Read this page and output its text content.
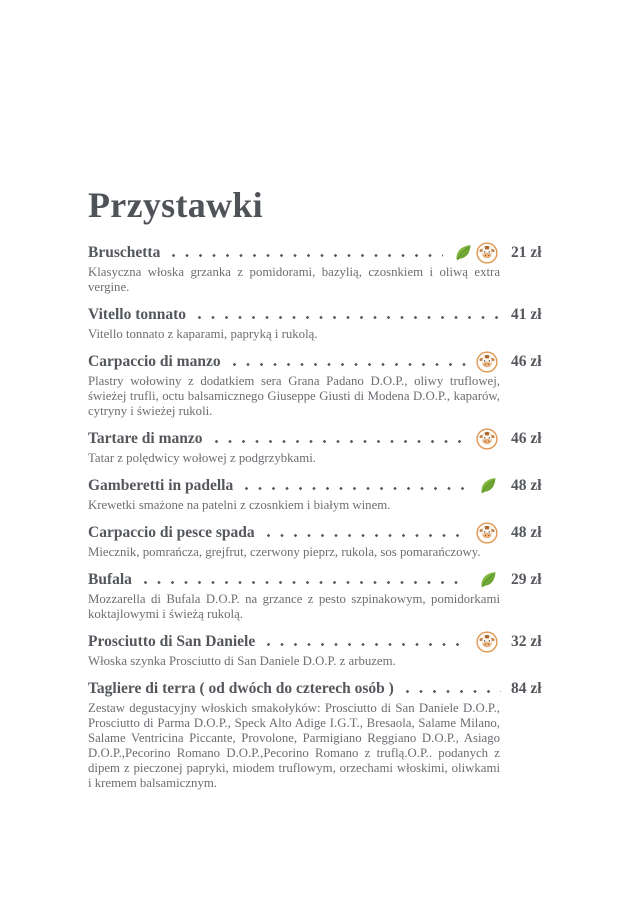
Przystawki
Bruschetta	21 zł
Klasyczna włoska grzanka z pomidorami, bazylią, czosnkiem i oliwą extra vergine.
Vitello tonnato	41 zł
Vitello tonnato z kaparami, papryką i rukolą.
Carpaccio di manzo	46 zł
Plastry wołowiny z dodatkiem sera Grana Padano D.O.P., oliwy truflowej, świeżej trufli, octu balsamicznego Giuseppe Giusti di Modena D.O.P., kaparów, cytryny i świeżej rukoli.
Tartare di manzo	46 zł
Tatar z polędwicy wołowej z podgrzybkami.
Gamberetti in padella	48 zł
Krewetki smażone na patelni z czosnkiem i białym winem.
Carpaccio di pesce spada	48 zł
Miecznik, pomrańcza, grejfrut, czerwony pieprz, rukola, sos pomarańczowy.
Bufala	29 zł
Mozzarella di Bufala D.O.P. na grzance z pesto szpinakowym, pomidorkami koktajlowymi i świeżą rukolą.
Prosciutto di San Daniele	32 zł
Włoska szynka Prosciutto di San Daniele D.O.P. z arbuzem.
Tagliere di terra ( od dwóch do czterech osób )	84 zł
Zestaw degustacyjny włoskich smakołyków: Prosciutto di San Daniele D.O.P., Prosciutto di Parma D.O.P., Speck Alto Adige I.G.T., Bresaola, Salame Milano, Salame Ventricina Piccante, Provolone, Parmigiano Reggiano D.O.P., Asiago D.O.P.,Pecorino Romano D.O.P.,Pecorino Romano z truflą.O.P.. podanych z dipem z pieczonej papryki, miodem truflowym, orzechami włoskimi, oliwkami i kremem balsamicznym.
